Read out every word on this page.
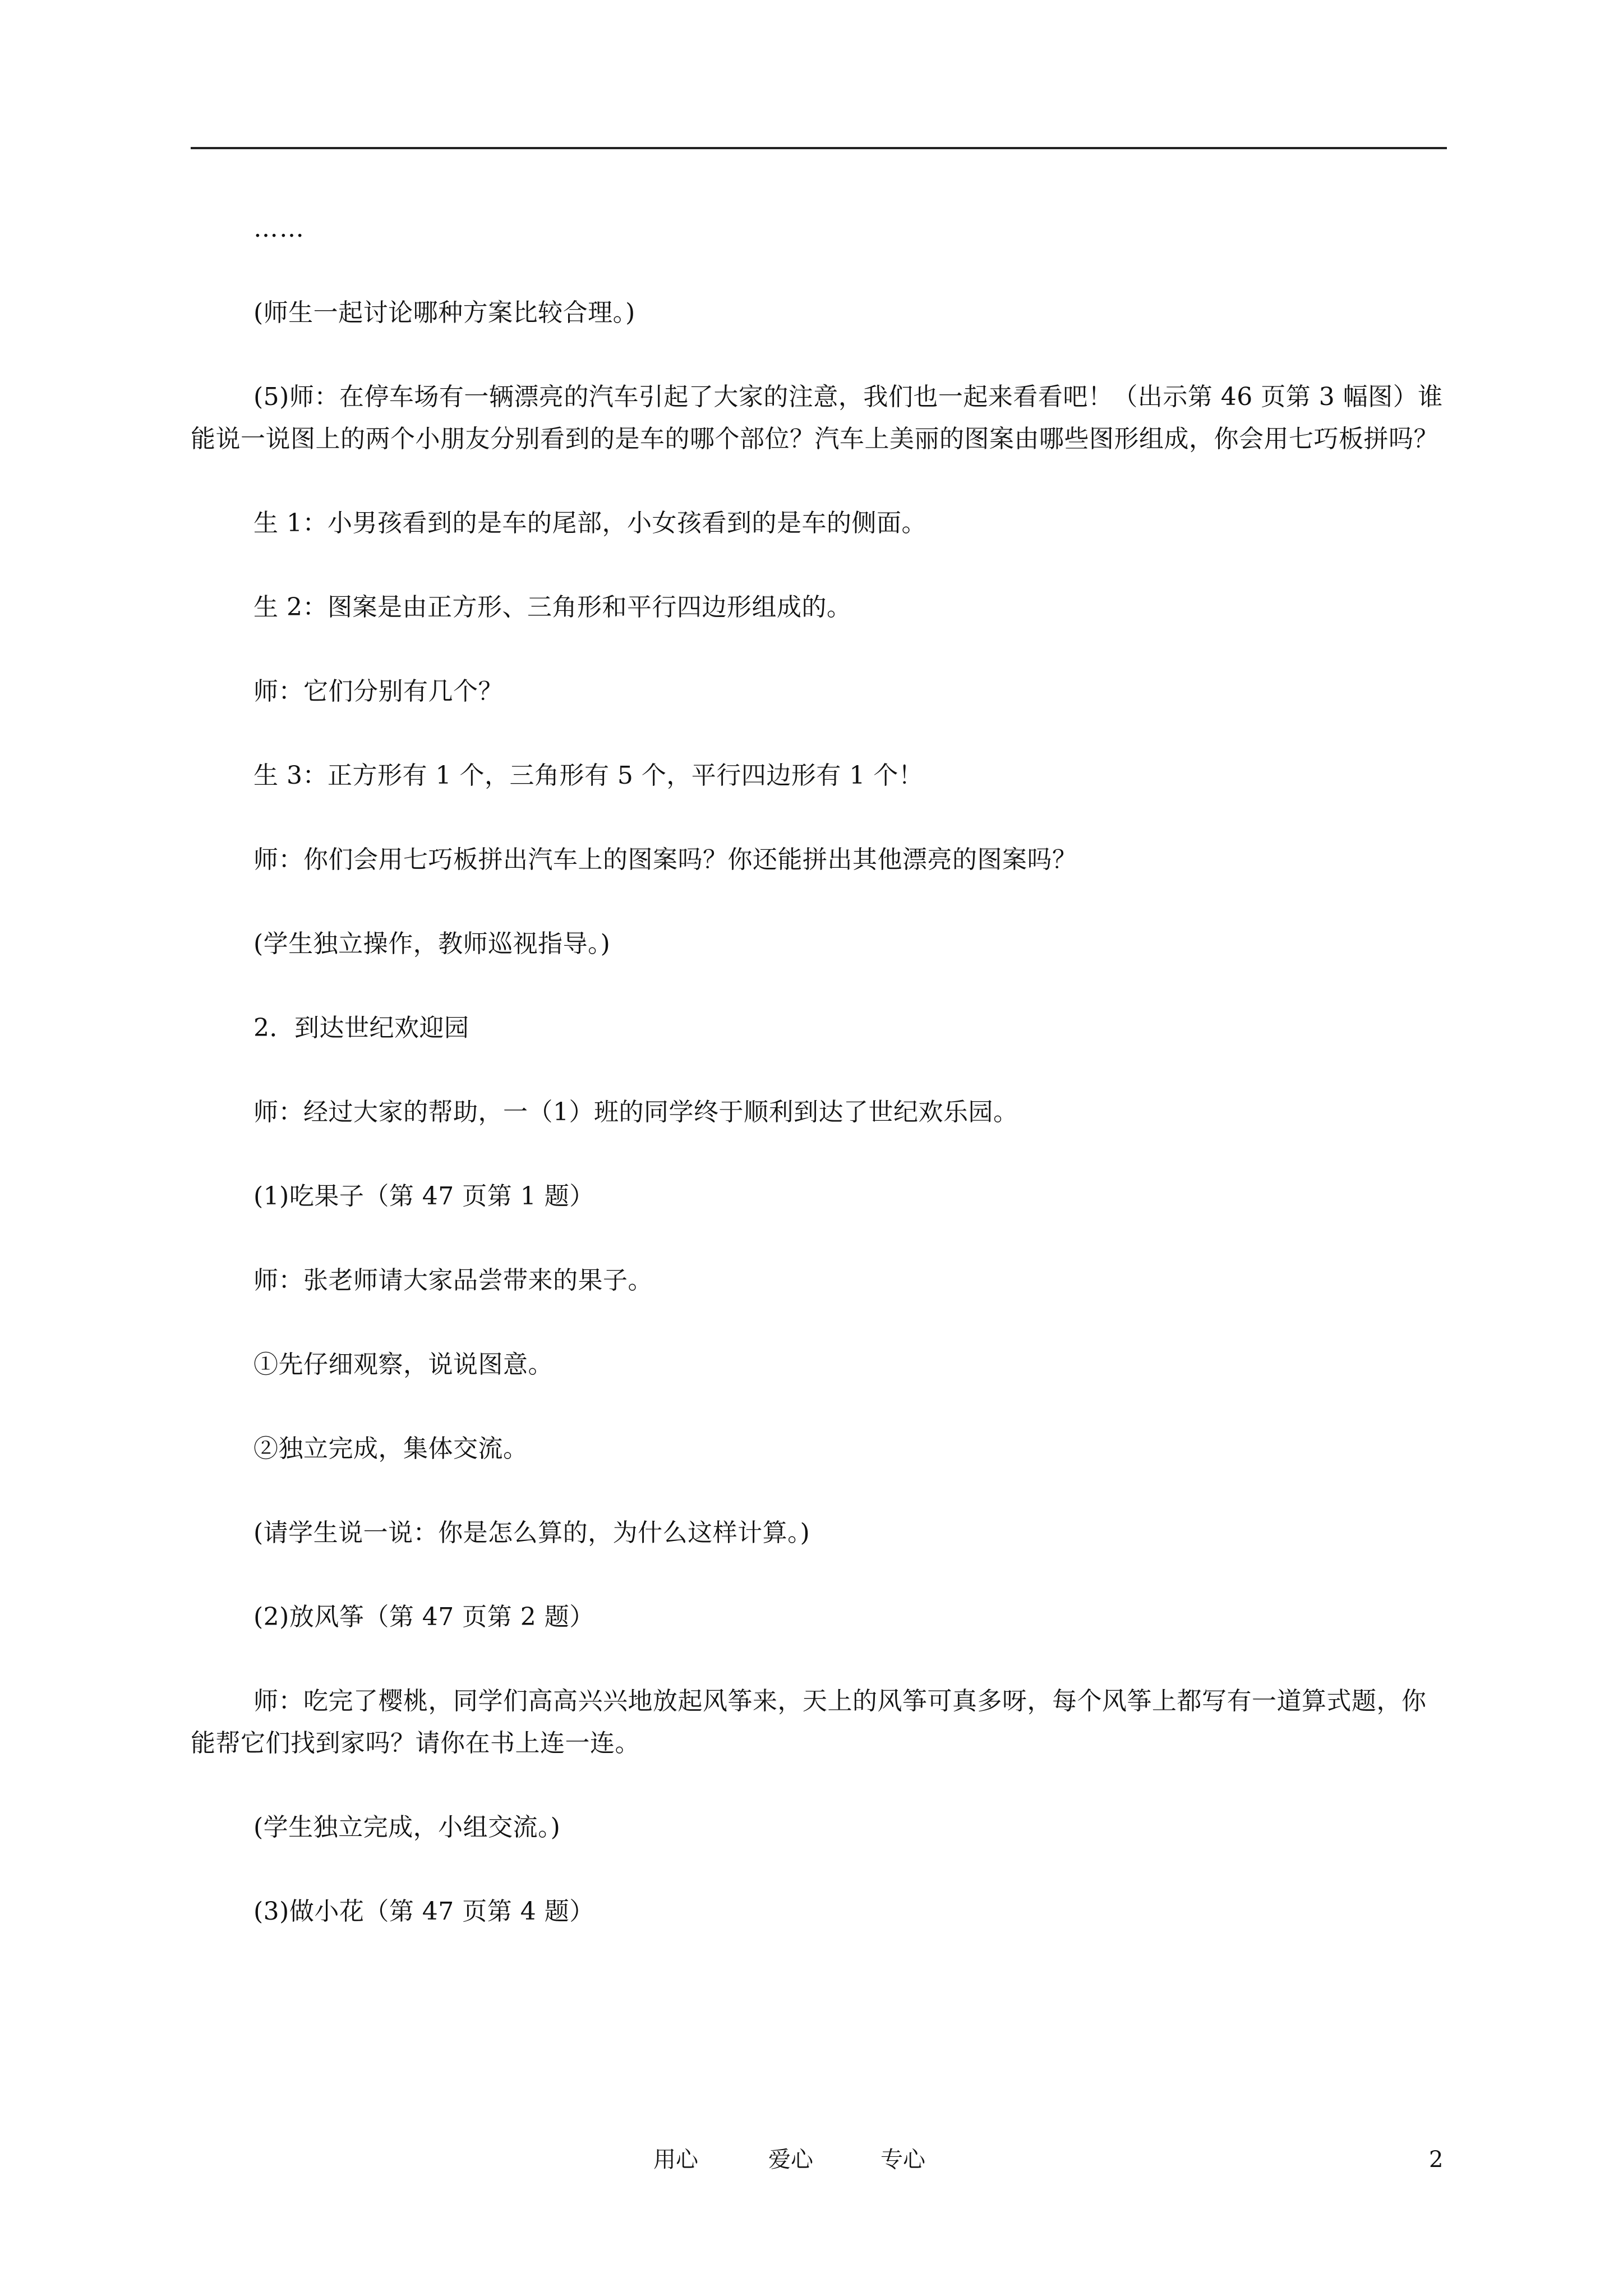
……

(师生一起讨论哪种方案比较合理。)

(5)师：在停车场有一辆漂亮的汽车引起了大家的注意，我们也一起来看看吧！（出示第 46 页第 3 幅图）谁能说一说图上的两个小朋友分别看到的是车的哪个部位？汽车上美丽的图案由哪些图形组成，你会用七巧板拼吗？

生 1：小男孩看到的是车的尾部，小女孩看到的是车的侧面。

生 2：图案是由正方形、三角形和平行四边形组成的。

师：它们分别有几个？

生 3：正方形有 1 个，三角形有 5 个，平行四边形有 1 个！

师：你们会用七巧板拼出汽车上的图案吗？你还能拼出其他漂亮的图案吗？

(学生独立操作，教师巡视指导。)

2．到达世纪欢迎园

师：经过大家的帮助，一（1）班的同学终于顺利到达了世纪欢乐园。

(1)吃果子（第 47 页第 1 题）

师：张老师请大家品尝带来的果子。

①先仔细观察，说说图意。

②独立完成，集体交流。

(请学生说一说：你是怎么算的，为什么这样计算。)

(2)放风筝（第 47 页第 2 题）

师：吃完了樱桃，同学们高高兴兴地放起风筝来，天上的风筝可真多呀，每个风筝上都写有一道算式题，你能帮它们找到家吗？请你在书上连一连。

(学生独立完成，小组交流。)

(3)做小花（第 47 页第 4 题）

用心	爱心	专心	2
